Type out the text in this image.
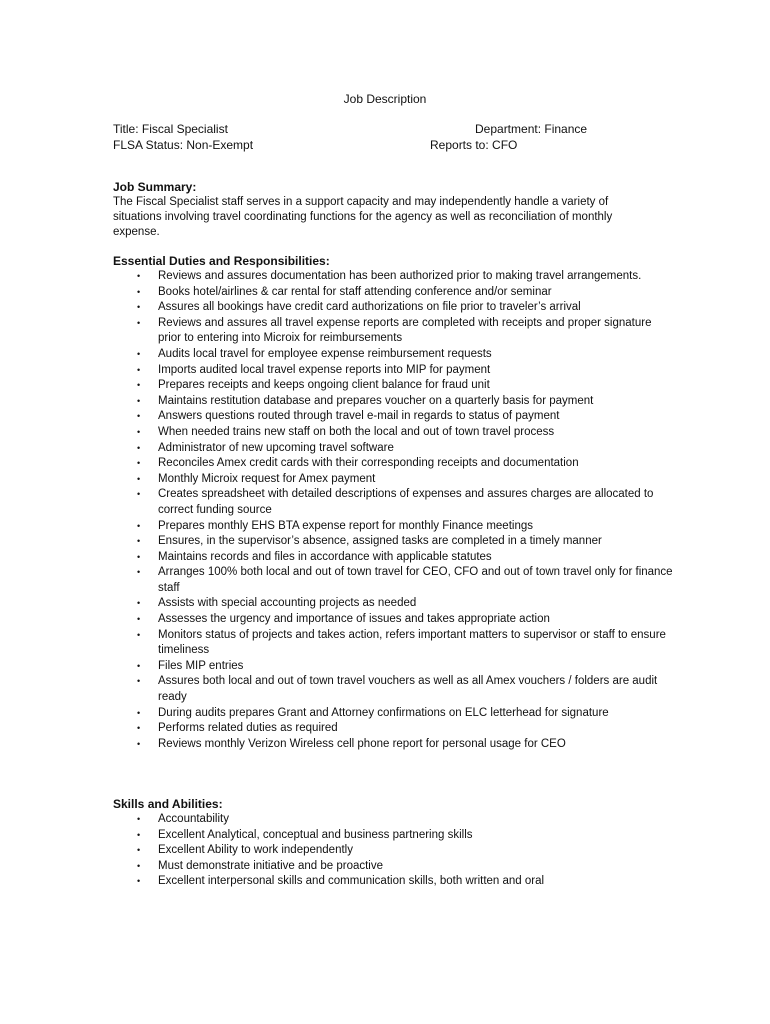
Job Description
Title: Fiscal Specialist
FLSA Status: Non-Exempt
Department: Finance
Reports to: CFO
Job Summary:

The Fiscal Specialist staff serves in a support capacity and may independently handle a variety of situations involving travel coordinating functions for the agency as well as reconciliation of monthly expense.

Essential Duties and Responsibilities:
• Reviews and assures documentation has been authorized prior to making travel arrangements.
• Books hotel/airlines & car rental for staff attending conference and/or seminar
• Assures all bookings have credit card authorizations on file prior to traveler’s arrival
• Reviews and assures all travel expense reports are completed with receipts and proper signature prior to entering into Microix for reimbursements
• Audits local travel for employee expense reimbursement requests
• Imports audited local travel expense reports into MIP for payment
• Prepares receipts and keeps ongoing client balance for fraud unit
• Maintains restitution database and prepares voucher on a quarterly basis for payment
• Answers questions routed through travel e-mail in regards to status of payment
• When needed trains new staff on both the local and out of town travel process
• Administrator of new upcoming travel software
• Reconciles Amex credit cards with their corresponding receipts and documentation
• Monthly Microix request for Amex payment
• Creates spreadsheet with detailed descriptions of expenses and assures charges are allocated to correct funding source
• Prepares monthly EHS BTA expense report for monthly Finance meetings
• Ensures, in the supervisor’s absence, assigned tasks are completed in a timely manner
• Maintains records and files in accordance with applicable statutes
• Arranges 100% both local and out of town travel for CEO, CFO and out of town travel only for finance staff
• Assists with special accounting projects as needed
• Assesses the urgency and importance of issues and takes appropriate action
• Monitors status of projects and takes action, refers important matters to supervisor or staff to ensure timeliness
• Files MIP entries
• Assures both local and out of town travel vouchers as well as all Amex vouchers / folders are audit ready
• During audits prepares Grant and Attorney confirmations on ELC letterhead for signature
• Performs related duties as required
• Reviews monthly Verizon Wireless cell phone report for personal usage for CEO
Skills and Abilities:
• Accountability
• Excellent Analytical, conceptual and business partnering skills
• Excellent Ability to work independently
• Must demonstrate initiative and be proactive
• Excellent interpersonal skills and communication skills, both written and oral
